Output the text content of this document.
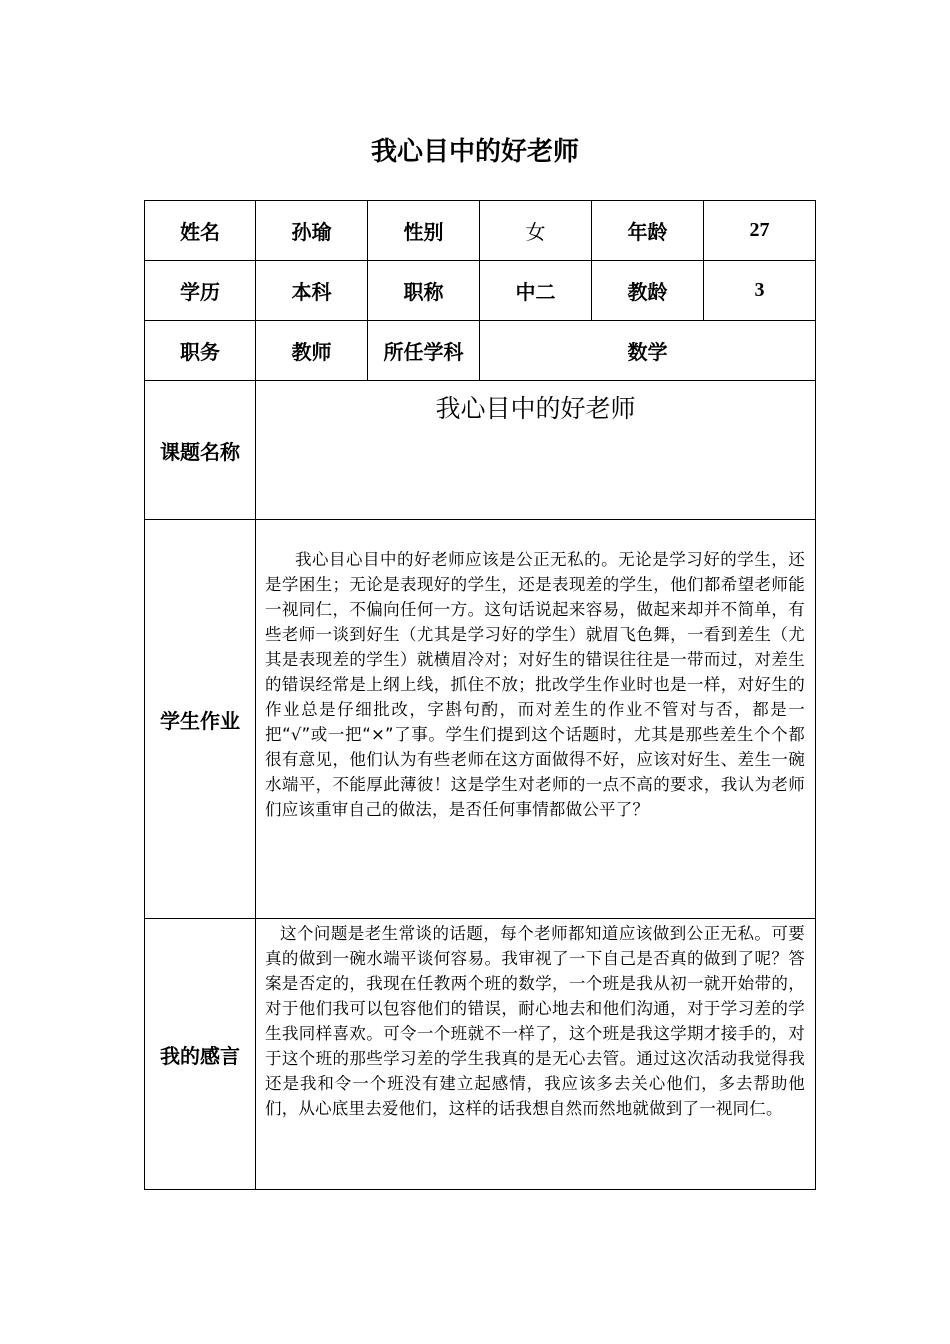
我心目中的好老师
姓名	孙瑜	性别	女	年龄	27
学历	本科	职称	中二	教龄	3
职务	教师	所任学科	数学		
课题名称	我心目中的好老师				

学生作业	我心目心目中的好老师应该是公正无私的。无论是学习好的学生，还是学困生；无论是表现好的学生，还是表现差的学生，他们都希望老师能一视同仁，不偏向任何一方。这句话说起来容易，做起来却并不简单，有些老师一谈到好生（尤其是学习好的学生）就眉飞色舞，一看到差生（尤其是表现差的学生）就横眉冷对；对好生的错误往往是一带而过，对差生的错误经常是上纲上线，抓住不放；批改学生作业时也是一样，对好生的作业总是仔细批改，字斟句酌，而对差生的作业不管对与否，都是一把“√”或一把“×”了事。学生们提到这个话题时，尤其是那些差生个个都很有意见，他们认为有些老师在这方面做得不好，应该对好生、差生一碗水端平，不能厚此薄彼！这是学生对老师的一点不高的要求，我认为老师们应该重审自己的做法，是否任何事情都做公平了？				

我的感言	这个问题是老生常谈的话题，每个老师都知道应该做到公正无私。可要真的做到一碗水端平谈何容易。我审视了一下自己是否真的做到了呢？答案是否定的，我现在任教两个班的数学，一个班是我从初一就开始带的，对于他们我可以包容他们的错误，耐心地去和他们沟通，对于学习差的学生我同样喜欢。可令一个班就不一样了，这个班是我这学期才接手的，对于这个班的那些学习差的学生我真的是无心去管。通过这次活动我觉得我还是我和令一个班没有建立起感情，我应该多去关心他们，多去帮助他们，从心底里去爱他们，这样的话我想自然而然地就做到了一视同仁。				
